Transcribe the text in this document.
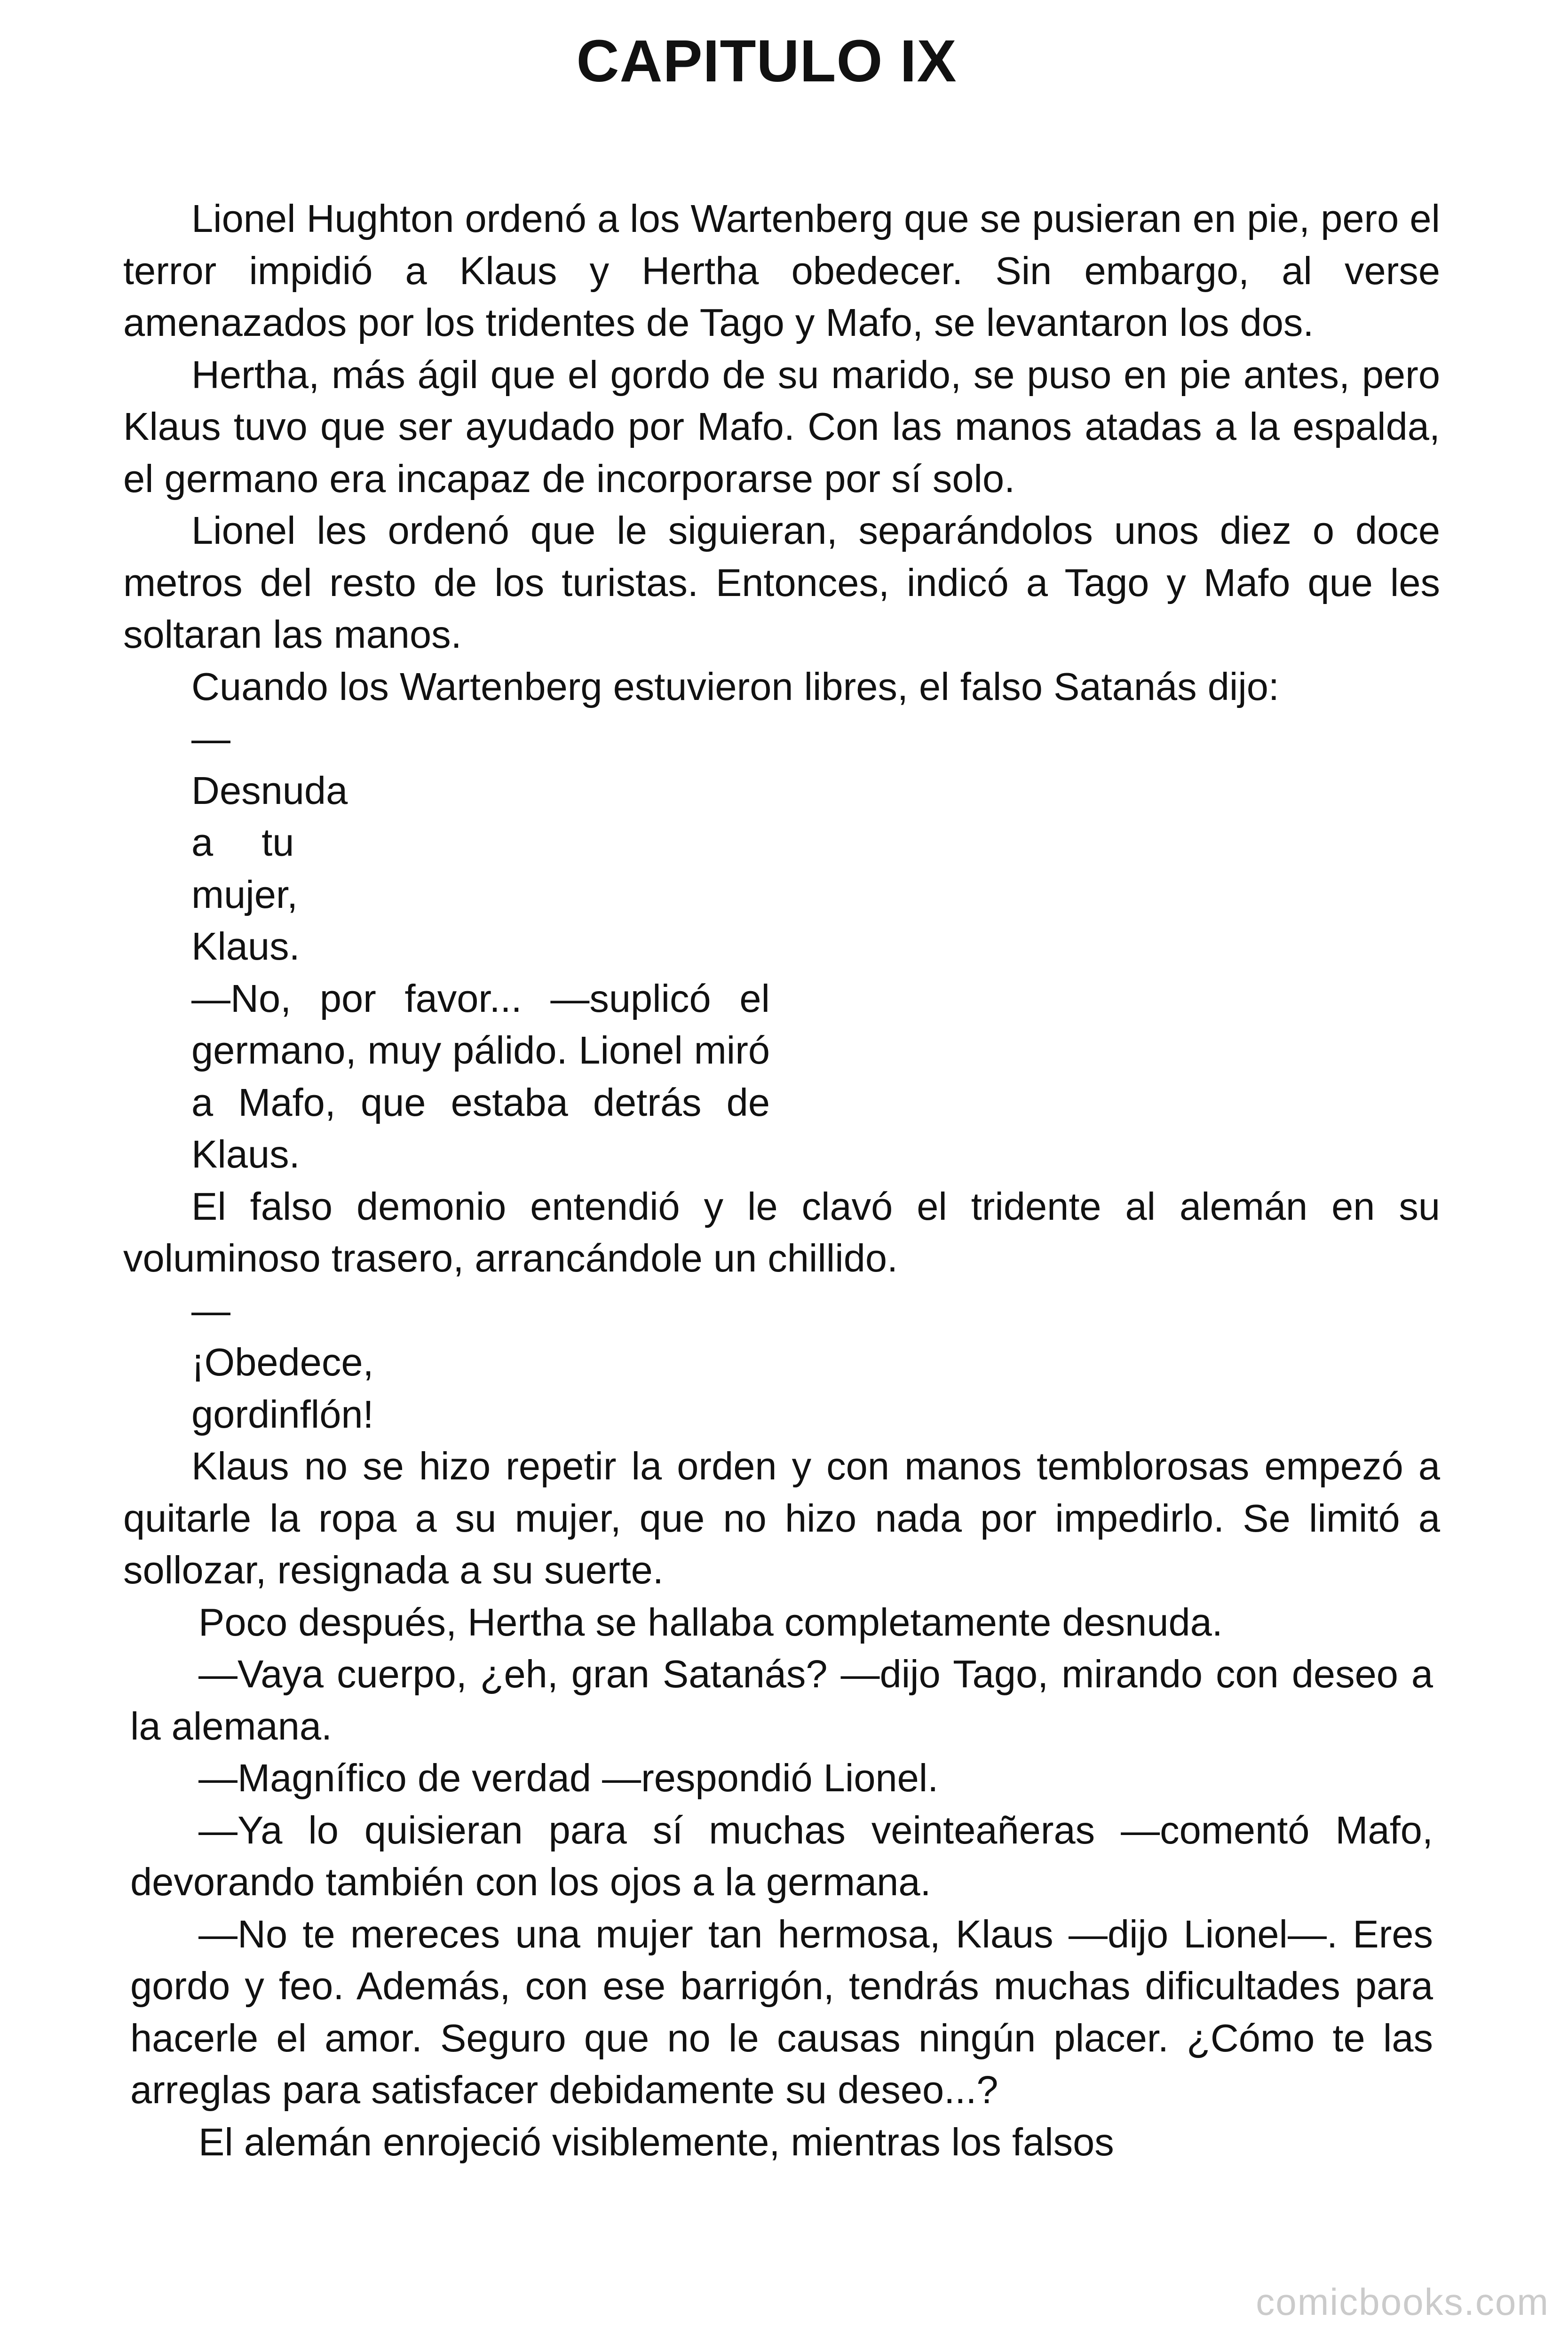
CAPITULO IX

Lionel Hughton ordenó a los Wartenberg que se pusieran en pie, pero el terror impidió a Klaus y Hertha obedecer. Sin embargo, al verse amenazados por los tridentes de Tago y Mafo, se levantaron los dos.

Hertha, más ágil que el gordo de su marido, se puso en pie antes, pero Klaus tuvo que ser ayudado por Mafo. Con las manos atadas a la espalda, el germano era incapaz de incorporarse por sí solo.

Lionel les ordenó que le siguieran, separándolos unos diez o doce metros del resto de los turistas. Entonces, indicó a Tago y Mafo que les soltaran las manos.

Cuando los Wartenberg estuvieron libres, el falso Satanás dijo:

—

Desnuda

a tu

mujer,

Klaus.

—No, por favor... —suplicó el germano, muy pálido. Lionel miró a Mafo, que estaba detrás de Klaus.

El falso demonio entendió y le clavó el tridente al alemán en su voluminoso trasero, arrancándole un chillido.

—

¡Obedece,

gordinflón!

Klaus no se hizo repetir la orden y con manos temblorosas empezó a quitarle la ropa a su mujer, que no hizo nada por impedirlo. Se limitó a sollozar, resignada a su suerte.

Poco después, Hertha se hallaba completamente desnuda.

—Vaya cuerpo, ¿eh, gran Satanás? —dijo Tago, mirando con deseo a la alemana.

—Magnífico de verdad —respondió Lionel.

—Ya lo quisieran para sí muchas veinteañeras —comentó Mafo, devorando también con los ojos a la germana.

—No te mereces una mujer tan hermosa, Klaus —dijo Lionel—. Eres gordo y feo. Además, con ese barrigón, tendrás muchas dificultades para hacerle el amor. Seguro que no le causas ningún placer. ¿Cómo te las arreglas para satisfacer debidamente su deseo...?

El alemán enrojeció visiblemente, mientras los falsos

comicbooks.com
